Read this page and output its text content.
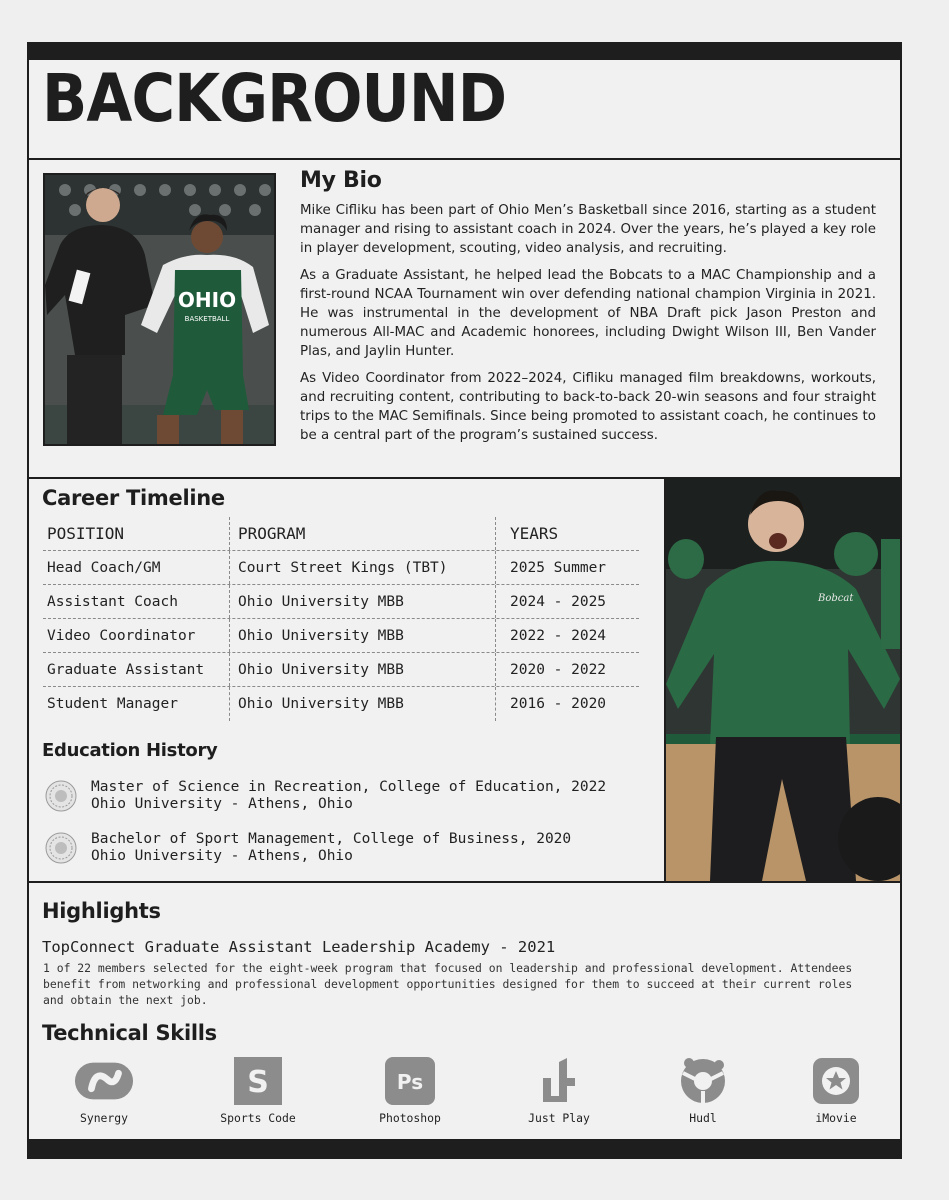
BACKGROUND
OHIO
BASKETBALL
My Bio

Mike Cifliku has been part of Ohio Men’s Basketball since 2016, starting as a student manager and rising to assistant coach in 2024. Over the years, he’s played a key role in player development, scouting, video analysis, and recruiting.

As a Graduate Assistant, he helped lead the Bobcats to a MAC Championship and a first-round NCAA Tournament win over defending national champion Virginia in 2021. He was instrumental in the development of NBA Draft pick Jason Preston and numerous All-MAC and Academic honorees, including Dwight Wilson III, Ben Vander Plas, and Jaylin Hunter.

As Video Coordinator from 2022–2024, Cifliku managed film breakdowns, workouts, and recruiting content, contributing to back-to-back 20-win seasons and four straight trips to the MAC Semifinals. Since being promoted to assistant coach, he continues to be a central part of the program’s sustained success.

Career Timeline
POSITION	PROGRAM	YEARS
Head Coach/GM	Court Street Kings (TBT)	2025 Summer
Assistant Coach	Ohio University MBB	2024 - 2025
Video Coordinator	Ohio University MBB	2022 - 2024
Graduate Assistant	Ohio University MBB	2020 - 2022
Student Manager	Ohio University MBB	2016 - 2020
Education History
Master of Science in Recreation, College of Education, 2022
Ohio University - Athens, Ohio
Bachelor of Sport Management, College of Business, 2020
Ohio University - Athens, Ohio
Bobcat
Highlights
TopConnect Graduate Assistant Leadership Academy - 2021
1 of 22 members selected for the eight-week program that focused on leadership and professional development. Attendees benefit from networking and professional development opportunities designed for them to succeed at their current roles and obtain the next job.
Technical Skills
Synergy
S
Sports Code
Ps
Photoshop	Just Play	Hudl	iMovie
